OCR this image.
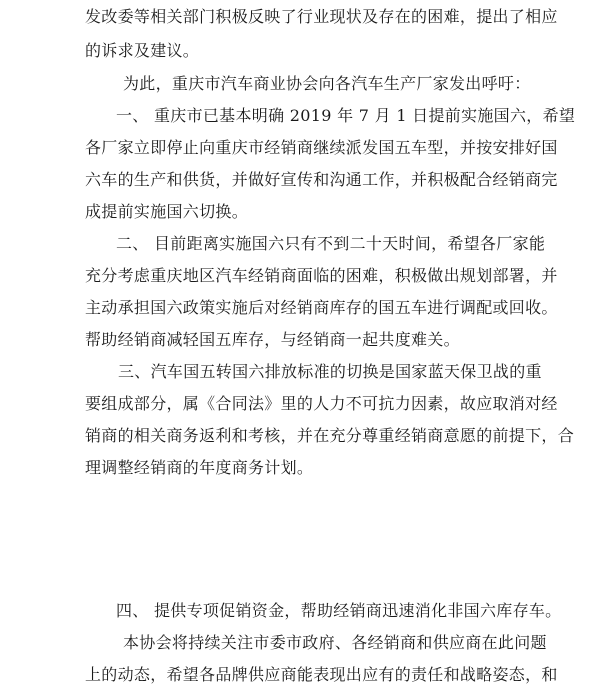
发改委等相关部门积极反映了行业现状及存在的困难，提出了相应
的诉求及建议。
为此，重庆市汽车商业协会向各汽车生产厂家发出呼吁：
一、 重庆市已基本明确 2019 年 7 月 1 日提前实施国六，希望
各厂家立即停止向重庆市经销商继续派发国五车型，并按安排好国
六车的生产和供货，并做好宣传和沟通工作，并积极配合经销商完
成提前实施国六切换。
二、 目前距离实施国六只有不到二十天时间，希望各厂家能
充分考虑重庆地区汽车经销商面临的困难，积极做出规划部署，并
主动承担国六政策实施后对经销商库存的国五车进行调配或回收。
帮助经销商减轻国五库存，与经销商一起共度难关。
三、汽车国五转国六排放标准的切换是国家蓝天保卫战的重
要组成部分，属《合同法》里的人力不可抗力因素，故应取消对经
销商的相关商务返利和考核，并在充分尊重经销商意愿的前提下，合
理调整经销商的年度商务计划。
四、 提供专项促销资金，帮助经销商迅速消化非国六库存车。
本协会将持续关注市委市政府、各经销商和供应商在此问题
上的动态，希望各品牌供应商能表现出应有的责任和战略姿态，和
